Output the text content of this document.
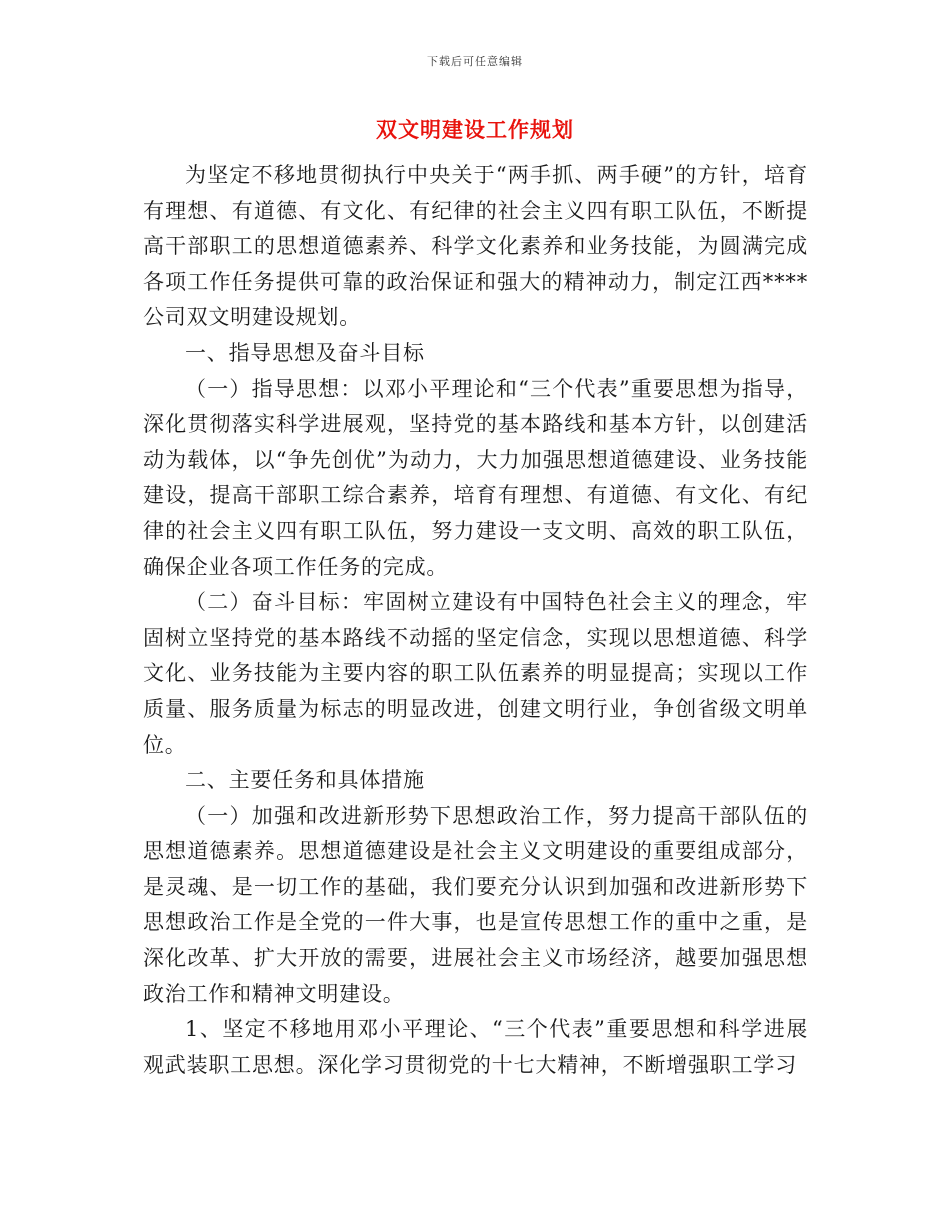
下载后可任意编辑
双文明建设工作规划

为坚定不移地贯彻执行中央关于“两手抓、两手硬”的方针，培育有理想、有道德、有文化、有纪律的社会主义四有职工队伍，不断提高干部职工的思想道德素养、科学文化素养和业务技能，为圆满完成各项工作任务提供可靠的政治保证和强大的精神动力，制定江西****公司双文明建设规划。

一、指导思想及奋斗目标

（一）指导思想：以邓小平理论和“三个代表”重要思想为指导，深化贯彻落实科学进展观，坚持党的基本路线和基本方针，以创建活动为载体，以“争先创优”为动力，大力加强思想道德建设、业务技能建设，提高干部职工综合素养，培育有理想、有道德、有文化、有纪律的社会主义四有职工队伍，努力建设一支文明、高效的职工队伍，确保企业各项工作任务的完成。

（二）奋斗目标：牢固树立建设有中国特色社会主义的理念，牢固树立坚持党的基本路线不动摇的坚定信念，实现以思想道德、科学文化、业务技能为主要内容的职工队伍素养的明显提高；实现以工作质量、服务质量为标志的明显改进，创建文明行业，争创省级文明单位。

二、主要任务和具体措施

（一）加强和改进新形势下思想政治工作，努力提高干部队伍的思想道德素养。思想道德建设是社会主义文明建设的重要组成部分，是灵魂、是一切工作的基础，我们要充分认识到加强和改进新形势下思想政治工作是全党的一件大事，也是宣传思想工作的重中之重，是深化改革、扩大开放的需要，进展社会主义市场经济，越要加强思想政治工作和精神文明建设。

1、坚定不移地用邓小平理论、“三个代表”重要思想和科学进展观武装职工思想。深化学习贯彻党的十七大精神，不断增强职工学习
